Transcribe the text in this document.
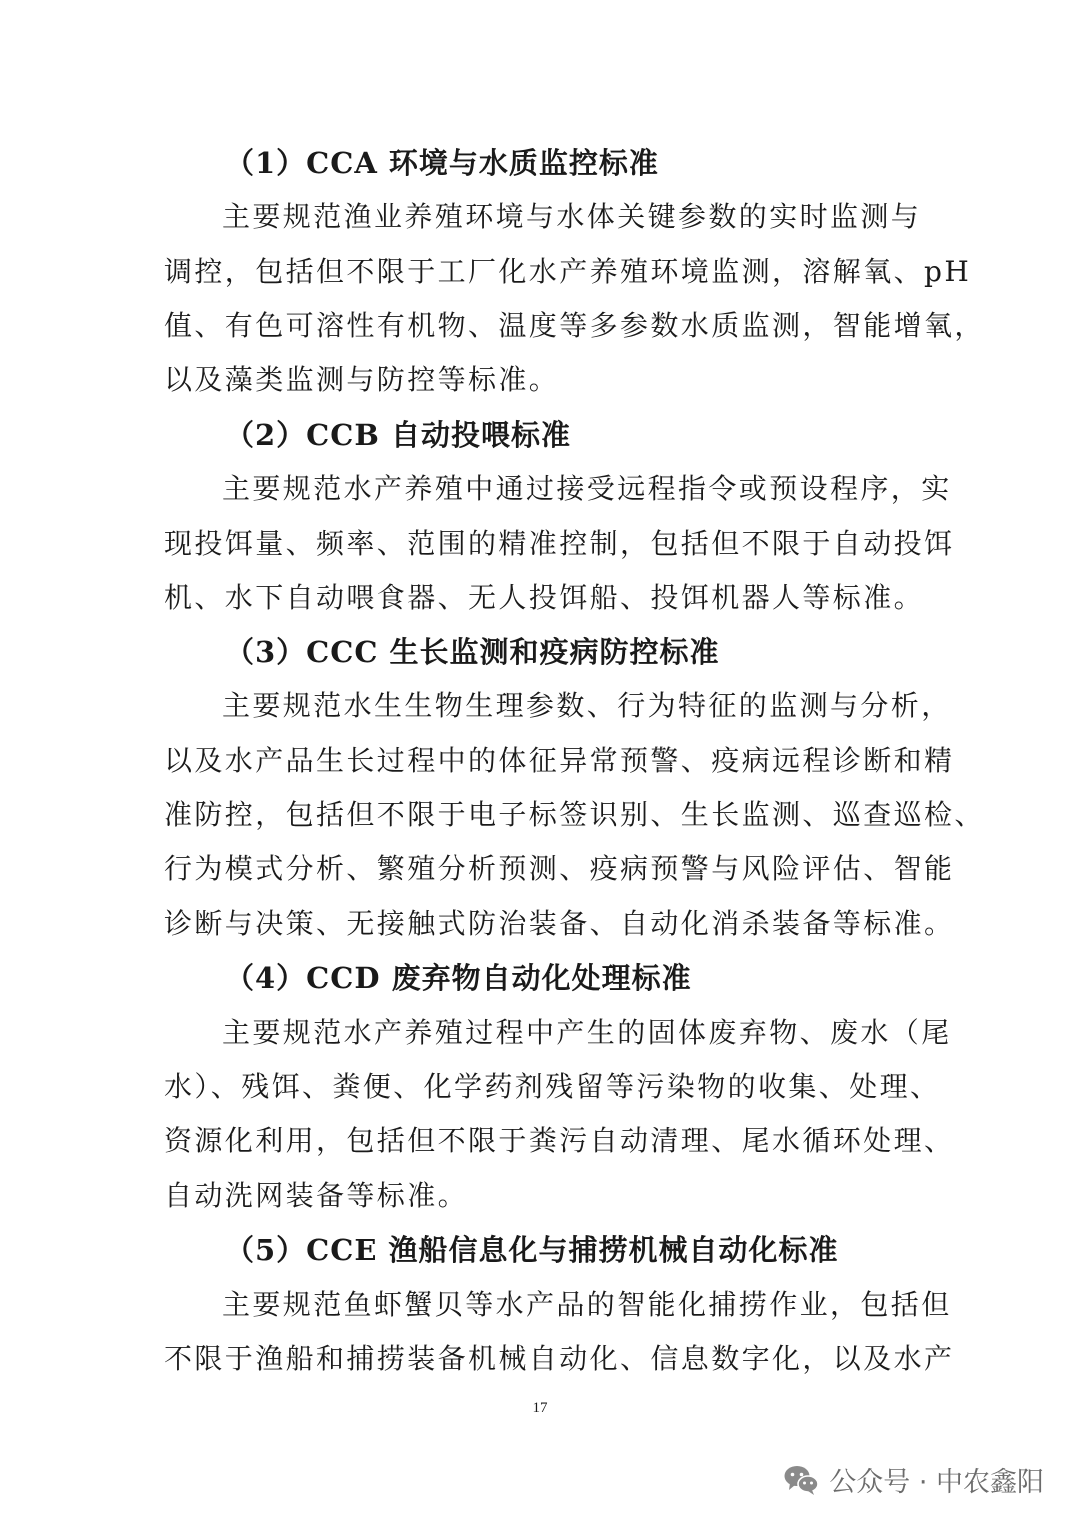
（1）CCA 环境与水质监控标准

主要规范渔业养殖环境与水体关键参数的实时监测与

调控，包括但不限于工厂化水产养殖环境监测，溶解氧、pH

值、有色可溶性有机物、温度等多参数水质监测，智能增氧，

以及藻类监测与防控等标准。

（2）CCB 自动投喂标准

主要规范水产养殖中通过接受远程指令或预设程序，实

现投饵量、频率、范围的精准控制，包括但不限于自动投饵

机、水下自动喂食器、无人投饵船、投饵机器人等标准。

（3）CCC 生长监测和疫病防控标准

主要规范水生生物生理参数、行为特征的监测与分析，

以及水产品生长过程中的体征异常预警、疫病远程诊断和精

准防控，包括但不限于电子标签识别、生长监测、巡查巡检、

行为模式分析、繁殖分析预测、疫病预警与风险评估、智能

诊断与决策、无接触式防治装备、自动化消杀装备等标准。

（4）CCD 废弃物自动化处理标准

主要规范水产养殖过程中产生的固体废弃物、废水（尾

水）、残饵、粪便、化学药剂残留等污染物的收集、处理、

资源化利用，包括但不限于粪污自动清理、尾水循环处理、

自动洗网装备等标准。

（5）CCE 渔船信息化与捕捞机械自动化标准

主要规范鱼虾蟹贝等水产品的智能化捕捞作业，包括但

不限于渔船和捕捞装备机械自动化、信息数字化，以及水产

17
公众号 · 中农鑫阳
